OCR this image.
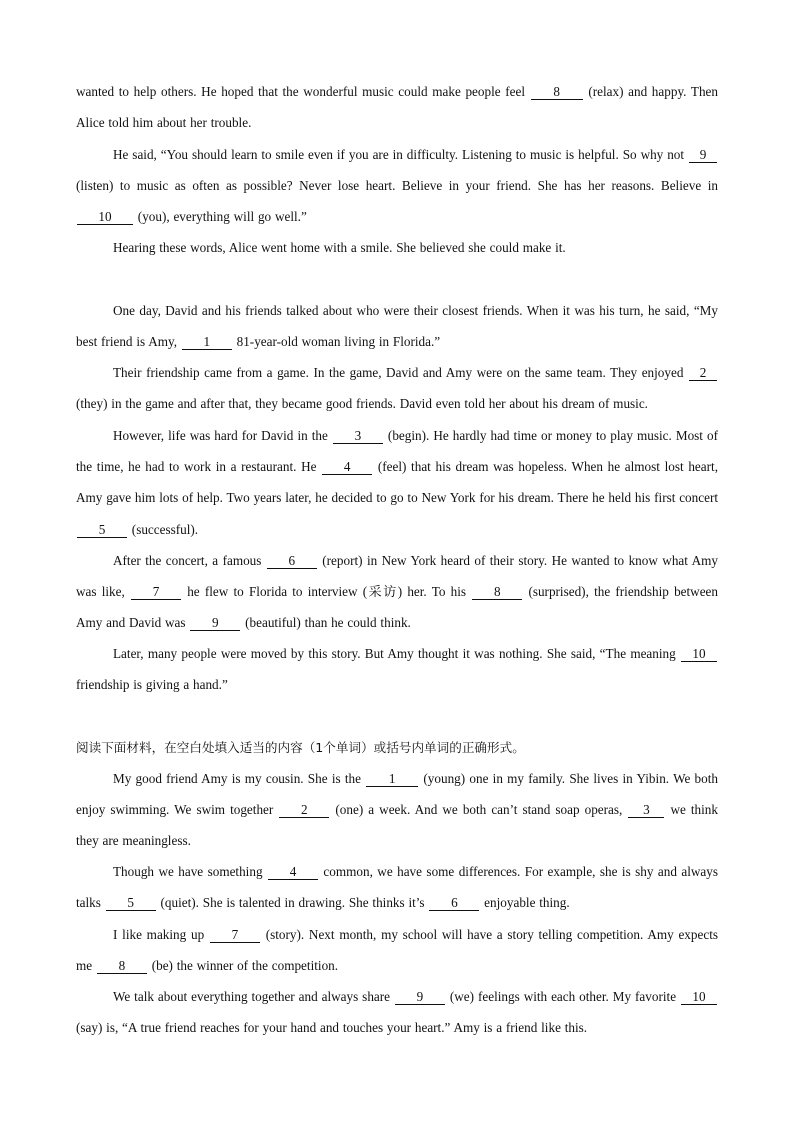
wanted to help others. He hoped that the wonderful music could make people feel 8 (relax) and happy. Then Alice told him about her trouble.

He said, “You should learn to smile even if you are in difficulty. Listening to music is helpful. So why not 9 (listen) to music as often as possible? Never lose heart. Believe in your friend. She has her reasons. Believe in 10 (you), everything will go well.”

Hearing these words, Alice went home with a smile. She believed she could make it.

One day, David and his friends talked about who were their closest friends. When it was his turn, he said, “My best friend is Amy, 1 81-year-old woman living in Florida.”

Their friendship came from a game. In the game, David and Amy were on the same team. They enjoyed 2 (they) in the game and after that, they became good friends. David even told her about his dream of music.

However, life was hard for David in the 3 (begin). He hardly had time or money to play music. Most of the time, he had to work in a restaurant. He 4 (feel) that his dream was hopeless. When he almost lost heart, Amy gave him lots of help. Two years later, he decided to go to New York for his dream. There he held his first concert 5 (successful).

After the concert, a famous 6 (report) in New York heard of their story. He wanted to know what Amy was like, 7 he flew to Florida to interview (采访) her. To his 8 (surprised), the friendship between Amy and David was 9 (beautiful) than he could think.

Later, many people were moved by this story. But Amy thought it was nothing. She said, “The meaning 10 friendship is giving a hand.”

阅读下面材料，在空白处填入适当的内容（1个单词）或括号内单词的正确形式。

My good friend Amy is my cousin. She is the 1 (young) one in my family. She lives in Yibin. We both enjoy swimming. We swim together 2 (one) a week. And we both can’t stand soap operas, 3 we think they are meaningless.

Though we have something 4 common, we have some differences. For example, she is shy and always talks 5 (quiet). She is talented in drawing. She thinks it’s 6 enjoyable thing.

I like making up 7 (story). Next month, my school will have a story telling competition. Amy expects me 8 (be) the winner of the competition.

We talk about everything together and always share 9 (we) feelings with each other. My favorite 10 (say) is, “A true friend reaches for your hand and touches your heart.” Amy is a friend like this.
